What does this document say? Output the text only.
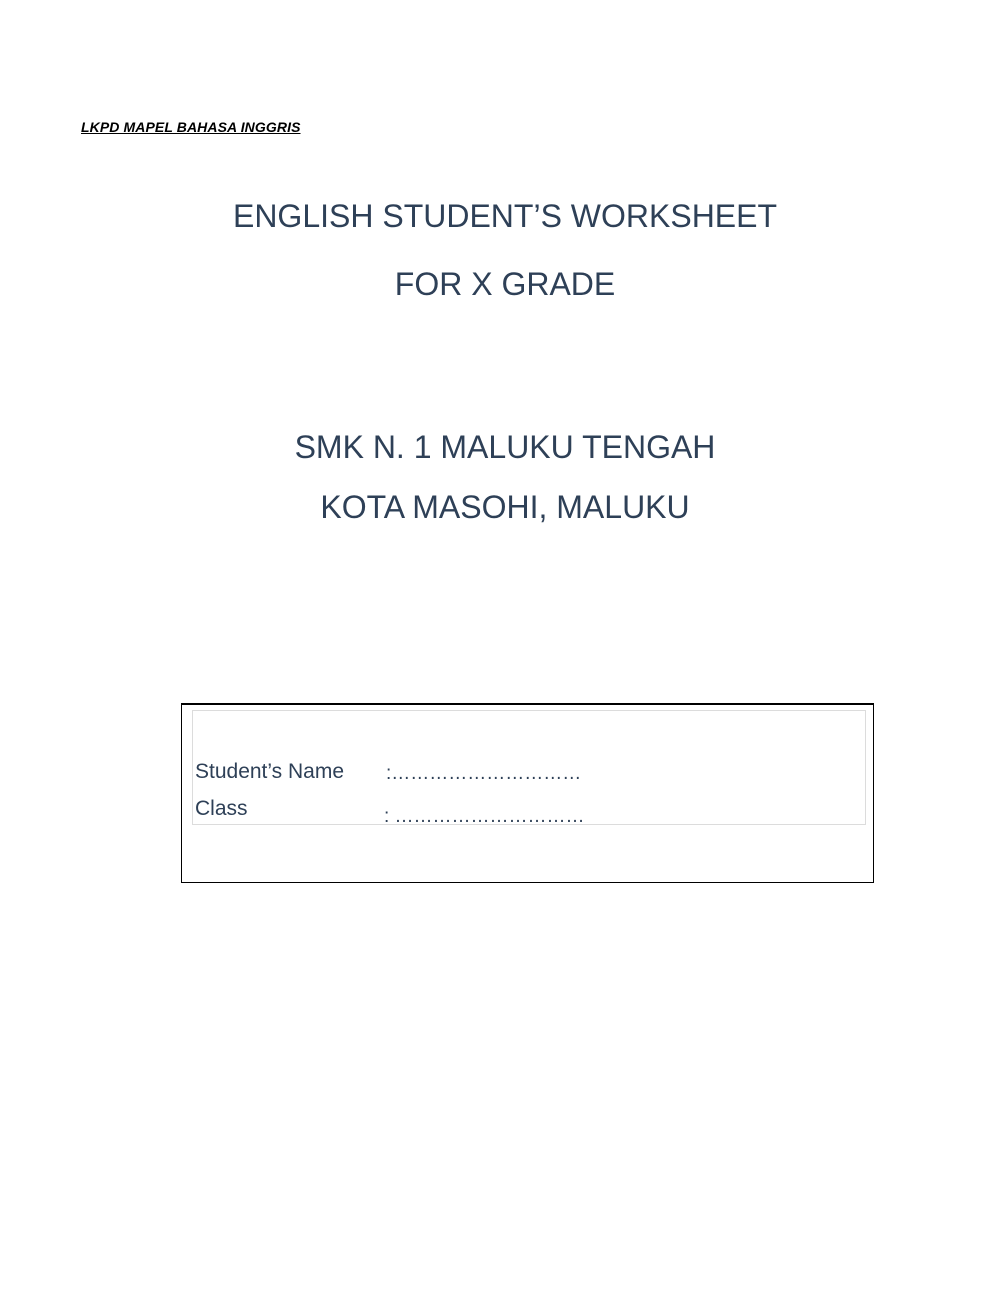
LKPD MAPEL BAHASA INGGRIS
ENGLISH STUDENT’S WORKSHEET
FOR X GRADE
SMK N. 1 MALUKU TENGAH
KOTA MASOHI, MALUKU
Student’s Name :…………………………
Class	: …………………………
